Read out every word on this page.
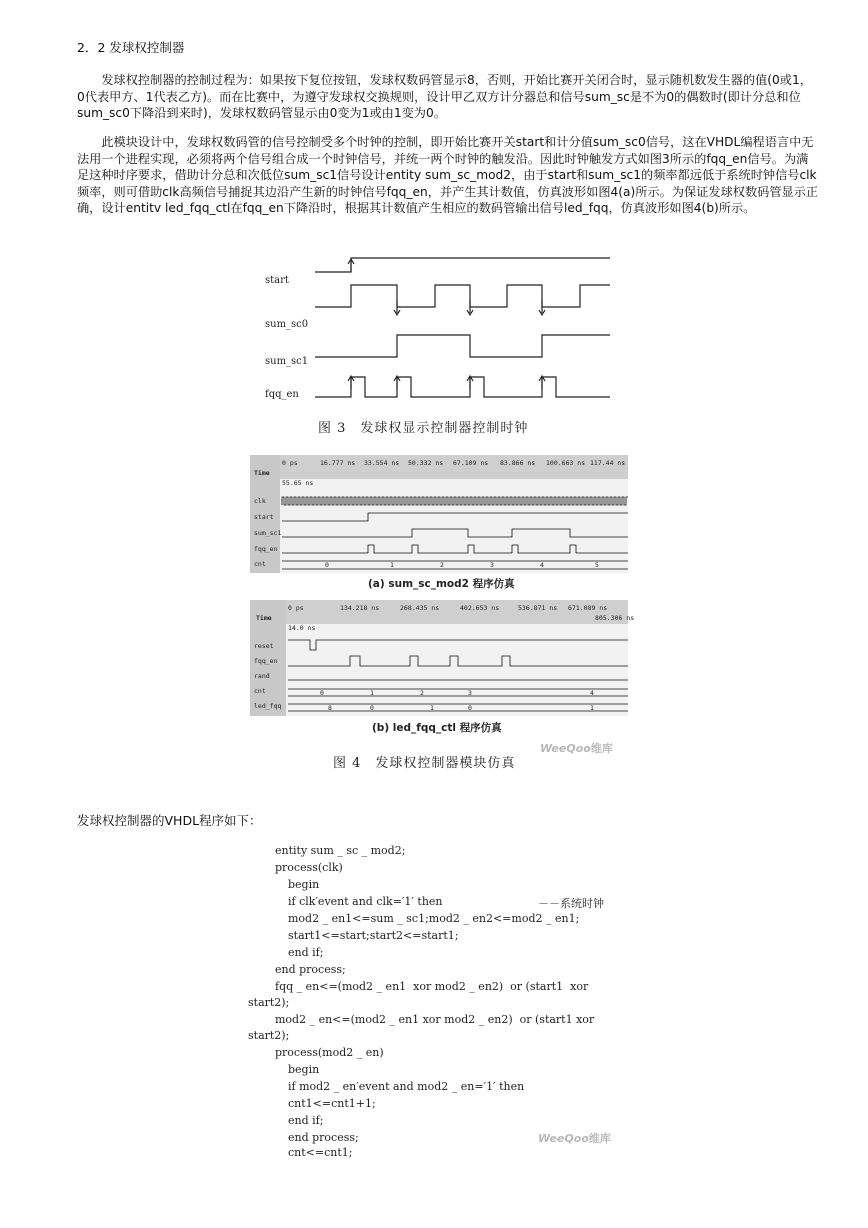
2．2 发球权控制器
　　发球权控制器的控制过程为：如果按下复位按钮，发球权数码管显示8，否则，开始比赛开关闭合时，显示随机数发生器的值(0或1，0代表甲方、1代表乙方)。而在比赛中，为遵守发球权交换规则，设计甲乙双方计分器总和信号sum_sc是不为0的偶数时(即计分总和位sum_sc0下降沿到来时)，发球权数码管显示由0变为1或由1变为0。
　　此模块设计中，发球权数码管的信号控制受多个时钟的控制，即开始比赛开关start和计分值sum_sc0信号，这在VHDL编程语言中无法用一个进程实现，必须将两个信号组合成一个时钟信号，并统一两个时钟的触发沿。因此时钟触发方式如图3所示的fqq_en信号。为满足这种时序要求，借助计分总和次低位sum_sc1信号设计entity sum_sc_mod2，由于start和sum_sc1的频率都远低于系统时钟信号clk频率，则可借助clk高频信号捕捉其边沿产生新的时钟信号fqq_en，并产生其计数值，仿真波形如图4(a)所示。为保证发球权数码管显示正确，设计entitv led_fqq_ctl在fqq_en下降沿时，根据其计数值产生相应的数码管输出信号led_fqq，仿真波形如图4(b)所示。
start
sum_sc0
sum_sc1
fqq_en
图 3　发球权显示控制器控制时钟
Time
55.65 ns
0 ps	16.777 ns 33.554 ns 50.332 ns 67.109 ns 83.866 ns 100.663 ns 117.44 ns
clk
start
sum_sc1
fqq_en
cnt	0	1	2	3	4	5
(a) sum_sc_mod2 程序仿真
Time
14.0 ns
0 ps	134.218 ns	268.435 ns	402.653 ns	536.871 ns 671.089 ns
805.306 ns
reset
fqq_en
rand
cnt
led_fqq
0	1	2	3	4
8	0	1	0	1
(b) led_fqq_ctl 程序仿真
图 4　发球权控制器模块仿真
WeeQoo维库
发球权控制器的VHDL程序如下：
entity sum _ sc _ mod2;
process(clk)
begin
if clk′event and clk=′1′ then	－－系统时钟
mod2 _ en1<=sum _ sc1;mod2 _ en2<=mod2 _ en1;
start1<=start;start2<=start1;
end if;
end process;
fqq _ en<=(mod2 _ en1  xor mod2 _ en2)  or (start1  xor
start2);
mod2 _ en<=(mod2 _ en1 xor mod2 _ en2)  or (start1 xor
start2);
process(mod2 _ en)
begin
if mod2 _ en′event and mod2 _ en=′1′ then
cnt1<=cnt1+1;
end if;
end process;
cnt<=cnt1;
WeeQoo维库
